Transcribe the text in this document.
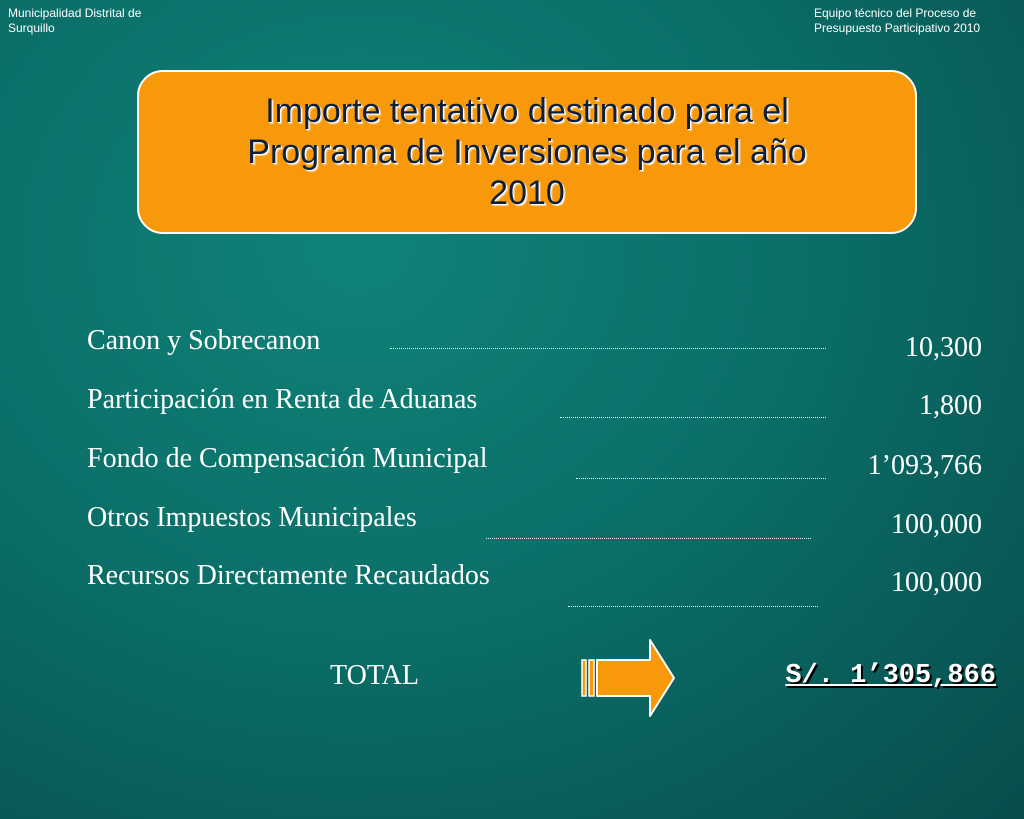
Municipalidad Distrital de
Surquillo
Equipo técnico del Proceso de
Presupuesto Participativo 2010
Importe tentativo destinado para el
Programa de Inversiones para el año
2010
Canon y Sobrecanon	10,300
Participación en Renta de Aduanas	1,800
Fondo de Compensación Municipal	1’093,766
Otros Impuestos Municipales	100,000
Recursos Directamente Recaudados	100,000
TOTAL	S/. 1’305,866
